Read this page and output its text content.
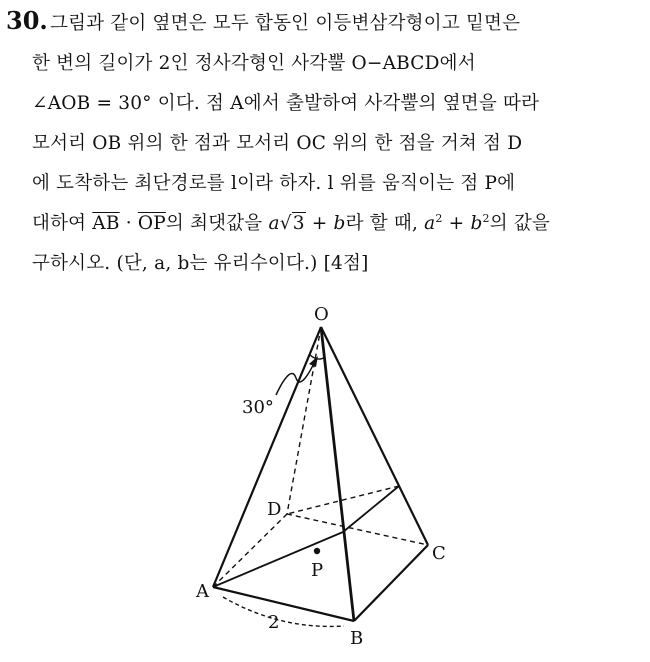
30. 그림과 같이 옆면은 모두 합동인 이등변삼각형이고 밑면은
한 변의 길이가 2인 정사각형인 사각뿔 O−ABCD에서
∠AOB = 30° 이다. 점 A에서 출발하여 사각뿔의 옆면을 따라
모서리 OB 위의 한 점과 모서리 OC 위의 한 점을 거쳐 점 D
에 도착하는 최단경로를 l이라 하자. l 위를 움직이는 점 P에
대하여 $\overline{AB} \cdot \overline{OP}$의 최댓값을 a√3 + b라 할 때, $a^2 + b^2$의 값을
구하시오. (단, a, b는 유리수이다.) [4점]
O
A
B
C
D
P
30°
2
